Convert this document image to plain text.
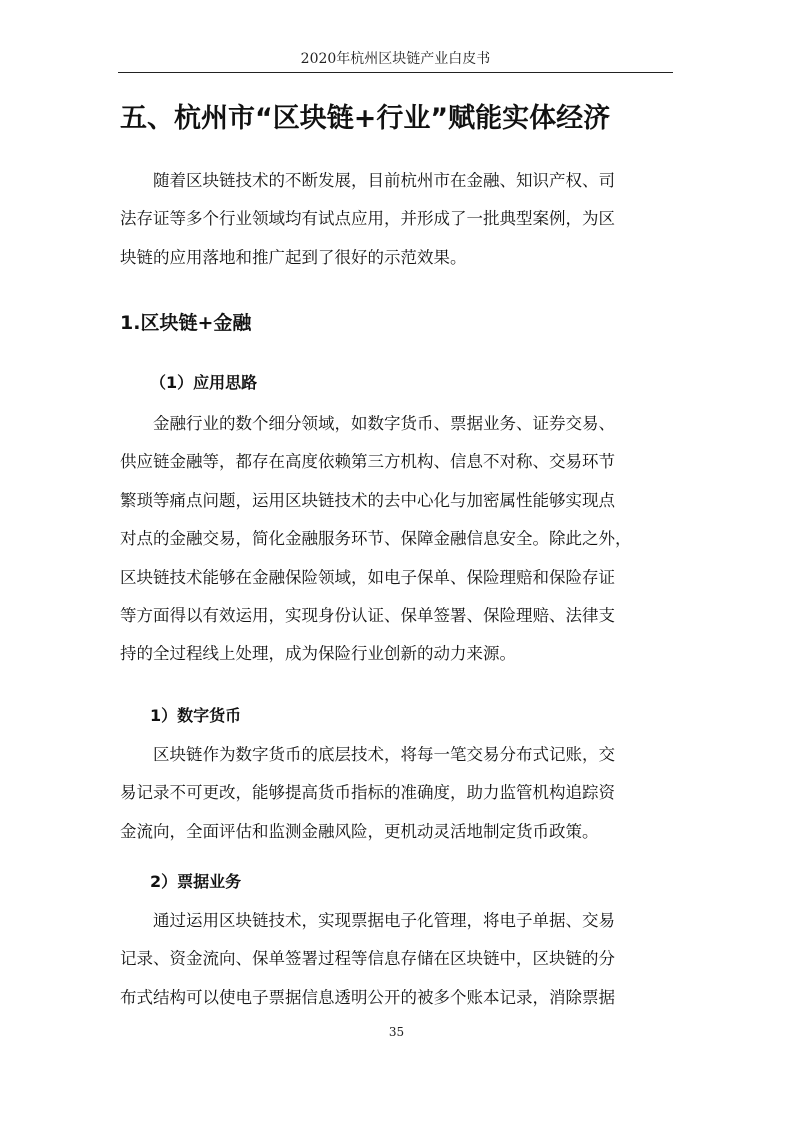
2020年杭州区块链产业白皮书
五、杭州市“区块链+行业”赋能实体经济

随着区块链技术的不断发展，目前杭州市在金融、知识产权、司
法存证等多个行业领域均有试点应用，并形成了一批典型案例，为区
块链的应用落地和推广起到了很好的示范效果。

1.区块链+金融
（1）应用思路

金融行业的数个细分领域，如数字货币、票据业务、证券交易、
供应链金融等，都存在高度依赖第三方机构、信息不对称、交易环节
繁琐等痛点问题，运用区块链技术的去中心化与加密属性能够实现点
对点的金融交易，简化金融服务环节、保障金融信息安全。除此之外，
区块链技术能够在金融保险领域，如电子保单、保险理赔和保险存证
等方面得以有效运用，实现身份认证、保单签署、保险理赔、法律支
持的全过程线上处理，成为保险行业创新的动力来源。

1）数字货币

区块链作为数字货币的底层技术，将每一笔交易分布式记账，交
易记录不可更改，能够提高货币指标的准确度，助力监管机构追踪资
金流向，全面评估和监测金融风险，更机动灵活地制定货币政策。

2）票据业务

通过运用区块链技术，实现票据电子化管理，将电子单据、交易
记录、资金流向、保单签署过程等信息存储在区块链中，区块链的分
布式结构可以使电子票据信息透明公开的被多个账本记录，消除票据

35
